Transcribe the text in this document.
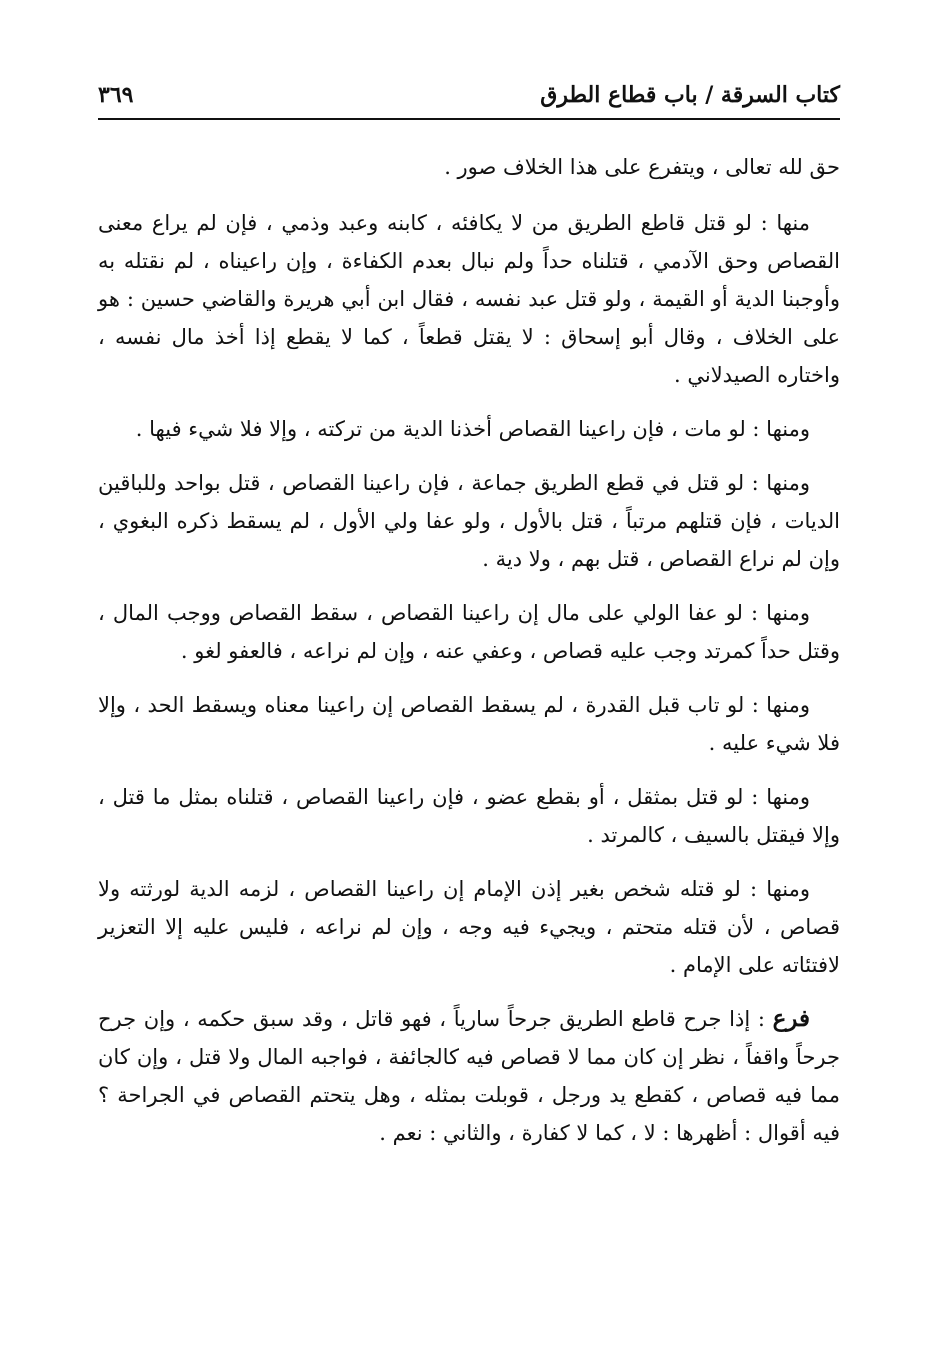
كتاب السرقة / باب قطاع الطرق
٣٦٩

حق لله تعالى ، ويتفرع على هذا الخلاف صور .

منها : لو قتل قاطع الطريق من لا يكافئه ، كابنه وعبد وذمي ، فإن لم يراع معنى القصاص وحق الآدمي ، قتلناه حداً ولم نبال بعدم الكفاءة ، وإن راعيناه ، لم نقتله به وأوجبنا الدية أو القيمة ، ولو قتل عبد نفسه ، فقال ابن أبي هريرة والقاضي حسين : هو على الخلاف ، وقال أبو إسحاق : لا يقتل قطعاً ، كما لا يقطع إذا أخذ مال نفسه ، واختاره الصيدلاني .

ومنها : لو مات ، فإن راعينا القصاص أخذنا الدية من تركته ، وإلا فلا شيء فيها .

ومنها : لو قتل في قطع الطريق جماعة ، فإن راعينا القصاص ، قتل بواحد وللباقين الديات ، فإن قتلهم مرتباً ، قتل بالأول ، ولو عفا ولي الأول ، لم يسقط ذكره البغوي ، وإن لم نراع القصاص ، قتل بهم ، ولا دية .

ومنها : لو عفا الولي على مال إن راعينا القصاص ، سقط القصاص ووجب المال ، وقتل حداً كمرتد وجب عليه قصاص ، وعفي عنه ، وإن لم نراعه ، فالعفو لغو .

ومنها : لو تاب قبل القدرة ، لم يسقط القصاص إن راعينا معناه ويسقط الحد ، وإلا فلا شيء عليه .

ومنها : لو قتل بمثقل ، أو بقطع عضو ، فإن راعينا القصاص ، قتلناه بمثل ما قتل ، وإلا فيقتل بالسيف ، كالمرتد .

ومنها : لو قتله شخص بغير إذن الإمام إن راعينا القصاص ، لزمه الدية لورثته ولا قصاص ، لأن قتله متحتم ، ويجيء فيه وجه ، وإن لم نراعه ، فليس عليه إلا التعزير لافتئاته على الإمام .

فرع : إذا جرح قاطع الطريق جرحاً سارياً ، فهو قاتل ، وقد سبق حكمه ، وإن جرح جرحاً واقفاً ، نظر إن كان مما لا قصاص فيه كالجائفة ، فواجبه المال ولا قتل ، وإن كان مما فيه قصاص ، كقطع يد ورجل ، قوبلت بمثله ، وهل يتحتم القصاص في الجراحة ؟ فيه أقوال : أظهرها : لا ، كما لا كفارة ، والثاني : نعم .
